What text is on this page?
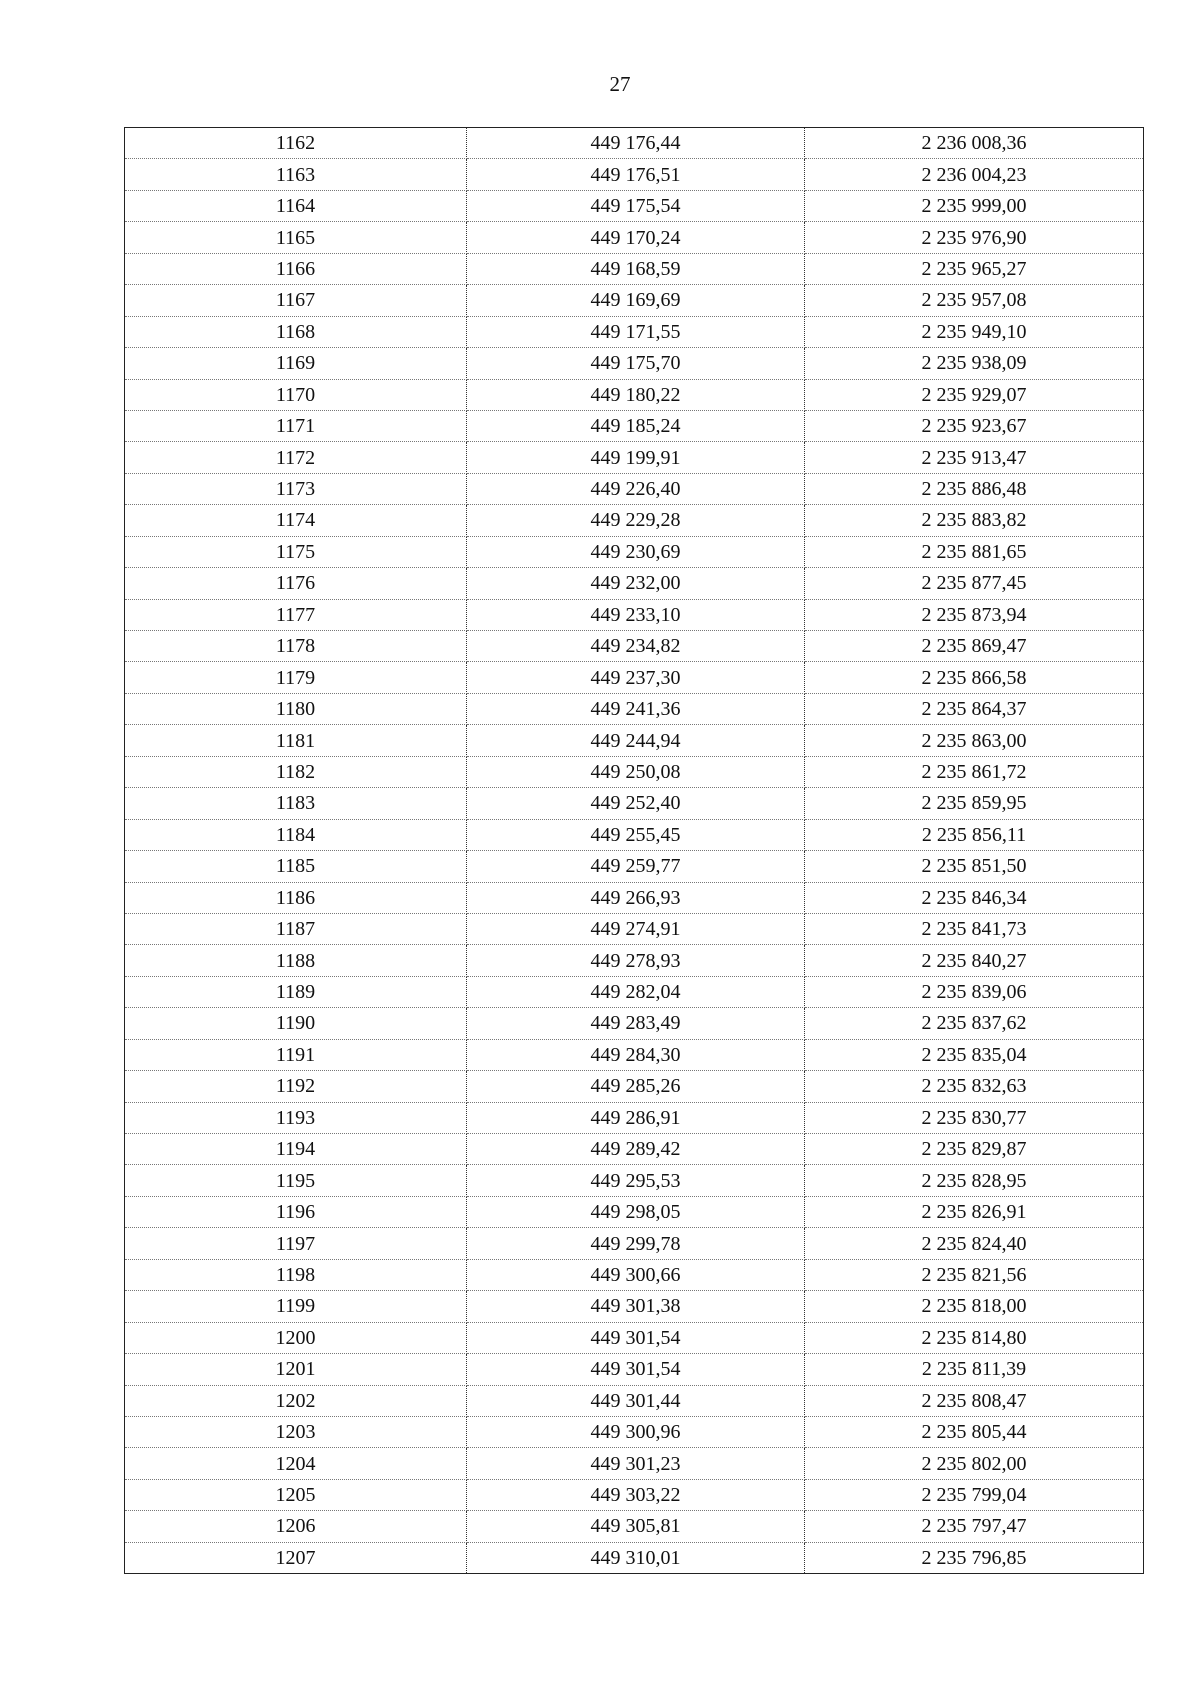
27
1162	449 176,44	2 236 008,36
1163	449 176,51	2 236 004,23
1164	449 175,54	2 235 999,00
1165	449 170,24	2 235 976,90
1166	449 168,59	2 235 965,27
1167	449 169,69	2 235 957,08
1168	449 171,55	2 235 949,10
1169	449 175,70	2 235 938,09
1170	449 180,22	2 235 929,07
1171	449 185,24	2 235 923,67
1172	449 199,91	2 235 913,47
1173	449 226,40	2 235 886,48
1174	449 229,28	2 235 883,82
1175	449 230,69	2 235 881,65
1176	449 232,00	2 235 877,45
1177	449 233,10	2 235 873,94
1178	449 234,82	2 235 869,47
1179	449 237,30	2 235 866,58
1180	449 241,36	2 235 864,37
1181	449 244,94	2 235 863,00
1182	449 250,08	2 235 861,72
1183	449 252,40	2 235 859,95
1184	449 255,45	2 235 856,11
1185	449 259,77	2 235 851,50
1186	449 266,93	2 235 846,34
1187	449 274,91	2 235 841,73
1188	449 278,93	2 235 840,27
1189	449 282,04	2 235 839,06
1190	449 283,49	2 235 837,62
1191	449 284,30	2 235 835,04
1192	449 285,26	2 235 832,63
1193	449 286,91	2 235 830,77
1194	449 289,42	2 235 829,87
1195	449 295,53	2 235 828,95
1196	449 298,05	2 235 826,91
1197	449 299,78	2 235 824,40
1198	449 300,66	2 235 821,56
1199	449 301,38	2 235 818,00
1200	449 301,54	2 235 814,80
1201	449 301,54	2 235 811,39
1202	449 301,44	2 235 808,47
1203	449 300,96	2 235 805,44
1204	449 301,23	2 235 802,00
1205	449 303,22	2 235 799,04
1206	449 305,81	2 235 797,47
1207	449 310,01	2 235 796,85
